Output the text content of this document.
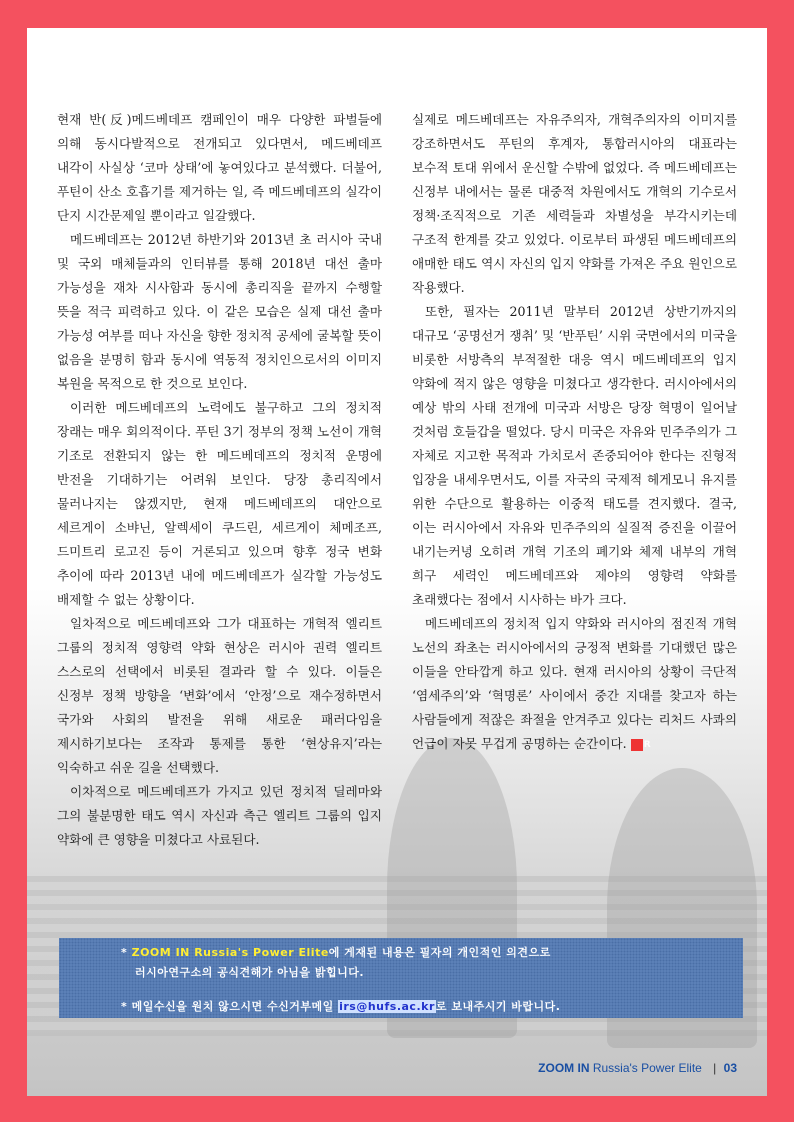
현재 반(反)메드베데프 캠페인이 매우 다양한 파벌들에 의해 동시다발적으로 전개되고 있다면서, 메드베데프 내각이 사실상 ‘코마 상태’에 놓여있다고 분석했다. 더불어, 푸틴이 산소 호흡기를 제거하는 일, 즉 메드베데프의 실각이 단지 시간문제일 뿐이라고 일갈했다.

메드베데프는 2012년 하반기와 2013년 초 러시아 국내 및 국외 매체들과의 인터뷰를 통해 2018년 대선 출마 가능성을 재차 시사함과 동시에 총리직을 끝까지 수행할 뜻을 적극 피력하고 있다. 이 같은 모습은 실제 대선 출마 가능성 여부를 떠나 자신을 향한 정치적 공세에 굴복할 뜻이 없음을 분명히 함과 동시에 역동적 정치인으로서의 이미지 복원을 목적으로 한 것으로 보인다.

이러한 메드베데프의 노력에도 불구하고 그의 정치적 장래는 매우 회의적이다. 푸틴 3기 정부의 정책 노선이 개혁 기조로 전환되지 않는 한 메드베데프의 정치적 운명에 반전을 기대하기는 어려워 보인다. 당장 총리직에서 물러나지는 않겠지만, 현재 메드베데프의 대안으로 세르게이 소뱌닌, 알렉세이 쿠드린, 세르게이 체메조프, 드미트리 로고진 등이 거론되고 있으며 향후 정국 변화 추이에 따라 2013년 내에 메드베데프가 실각할 가능성도 배제할 수 없는 상황이다.

일차적으로 메드베데프와 그가 대표하는 개혁적 엘리트 그룹의 정치적 영향력 약화 현상은 러시아 권력 엘리트 스스로의 선택에서 비롯된 결과라 할 수 있다. 이들은 신정부 정책 방향을 ‘변화’에서 ‘안정’으로 재수정하면서 국가와 사회의 발전을 위해 새로운 패러다임을 제시하기보다는 조작과 통제를 통한 ‘현상유지’라는 익숙하고 쉬운 길을 선택했다.

이차적으로 메드베데프가 가지고 있던 정치적 딜레마와 그의 불분명한 태도 역시 자신과 측근 엘리트 그룹의 입지 약화에 큰 영향을 미쳤다고 사료된다.

실제로 메드베데프는 자유주의자, 개혁주의자의 이미지를 강조하면서도 푸틴의 후계자, 통합러시아의 대표라는 보수적 토대 위에서 운신할 수밖에 없었다. 즉 메드베데프는 신정부 내에서는 물론 대중적 차원에서도 개혁의 기수로서 정책·조직적으로 기존 세력들과 차별성을 부각시키는데 구조적 한계를 갖고 있었다. 이로부터 파생된 메드베데프의 애매한 태도 역시 자신의 입지 약화를 가져온 주요 원인으로 작용했다.

또한, 필자는 2011년 말부터 2012년 상반기까지의 대규모 ‘공명선거 쟁취’ 및 ‘반푸틴’ 시위 국면에서의 미국을 비롯한 서방측의 부적절한 대응 역시 메드베데프의 입지 약화에 적지 않은 영향을 미쳤다고 생각한다. 러시아에서의 예상 밖의 사태 전개에 미국과 서방은 당장 혁명이 일어날 것처럼 호들갑을 떨었다. 당시 미국은 자유와 민주주의가 그 자체로 지고한 목적과 가치로서 존중되어야 한다는 진형적 입장을 내세우면서도, 이를 자국의 국제적 헤게모니 유지를 위한 수단으로 활용하는 이중적 태도를 견지했다. 결국, 이는 러시아에서 자유와 민주주의의 실질적 증진을 이끌어 내기는커녕 오히려 개혁 기조의 폐기와 체제 내부의 개혁 희구 세력인 메드베데프와 제야의 영향력 약화를 초래했다는 점에서 시사하는 바가 크다.

메드베데프의 정치적 입지 약화와 러시아의 점진적 개혁 노선의 좌초는 러시아에서의 긍정적 변화를 기대했던 많은 이들을 안타깝게 하고 있다. 현재 러시아의 상황이 극단적 ‘염세주의’와 ‘혁명론’ 사이에서 중간 지대를 찾고자 하는 사람들에게 적잖은 좌절을 안겨주고 있다는 리처드 사콰의 언급이 자못 무겁게 공명하는 순간이다. R

* ZOOM IN Russia's Power Elite에 게재된 내용은 필자의 개인적인 의견으로
러시아연구소의 공식견해가 아님을 밝힙니다.
* 메일수신을 원치 않으시면 수신거부메일 irs@hufs.ac.kr로 보내주시기 바랍니다.
ZOOM IN Russia's Power Elite | 03
